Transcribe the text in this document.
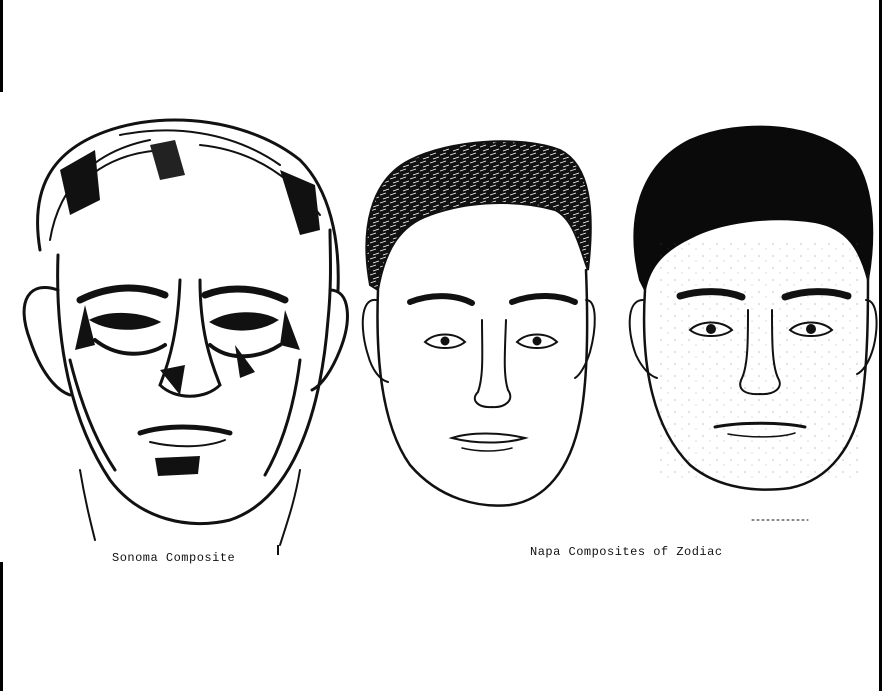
Sonoma Composite	Napa Composites of Zodiac
